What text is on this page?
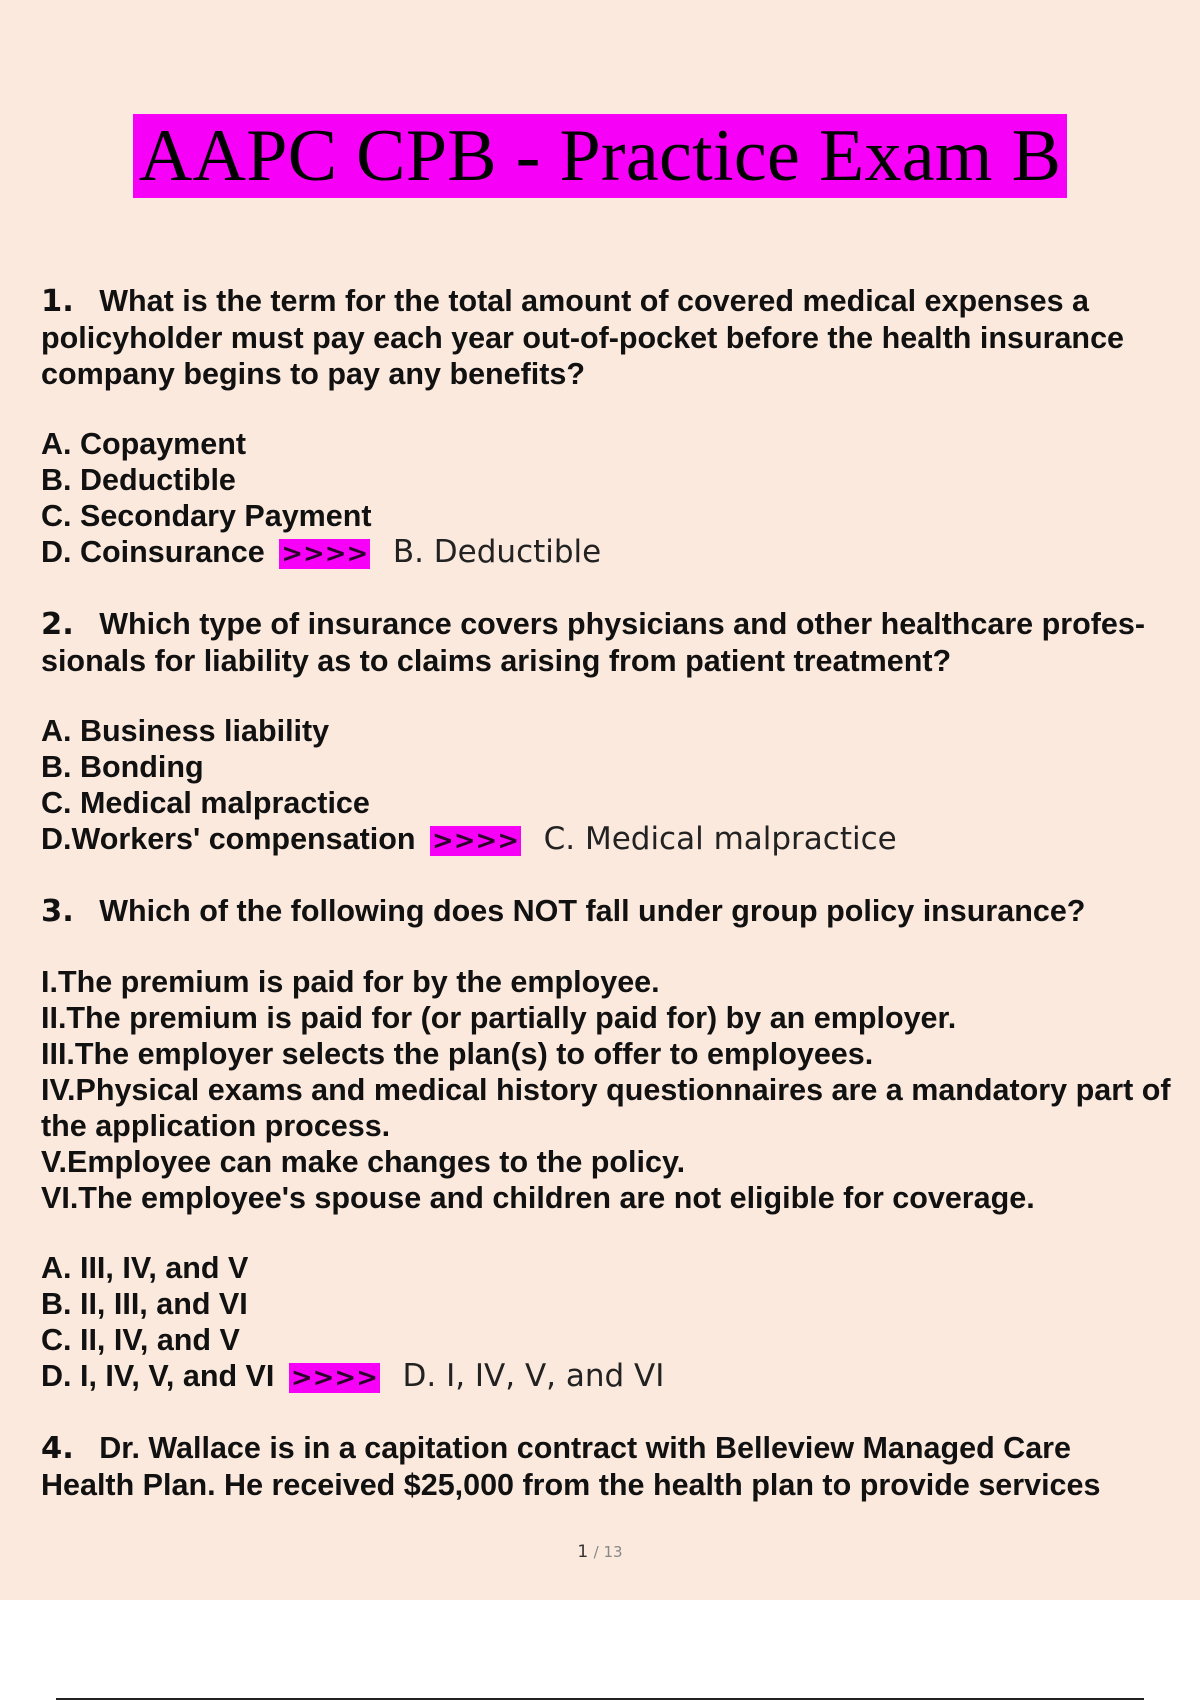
AAPC CPB - Practice Exam B
1. What is the term for the total amount of covered medical expenses a policyholder must pay each year out-of-pocket before the health insurance company begins to pay any benefits?
A. Copayment
B. Deductible
C. Secondary Payment
D. Coinsurance >>>> B. Deductible
2. Which type of insurance covers physicians and other healthcare profes- sionals for liability as to claims arising from patient treatment?
A. Business liability
B. Bonding
C. Medical malpractice
D.Workers' compensation >>>> C. Medical malpractice
3. Which of the following does NOT fall under group policy insurance?
I.The premium is paid for by the employee.
II.The premium is paid for (or partially paid for) by an employer.
III.The employer selects the plan(s) to offer to employees.
IV.Physical exams and medical history questionnaires are a mandatory part of the application process.
V.Employee can make changes to the policy.
VI.The employee's spouse and children are not eligible for coverage.
A. III, IV, and V
B. II, III, and VI
C. II, IV, and V
D. I, IV, V, and VI >>>> D. I, IV, V, and VI
4. Dr. Wallace is in a capitation contract with Belleview Managed Care Health Plan. He received $25,000 from the health plan to provide services
1 / 13
